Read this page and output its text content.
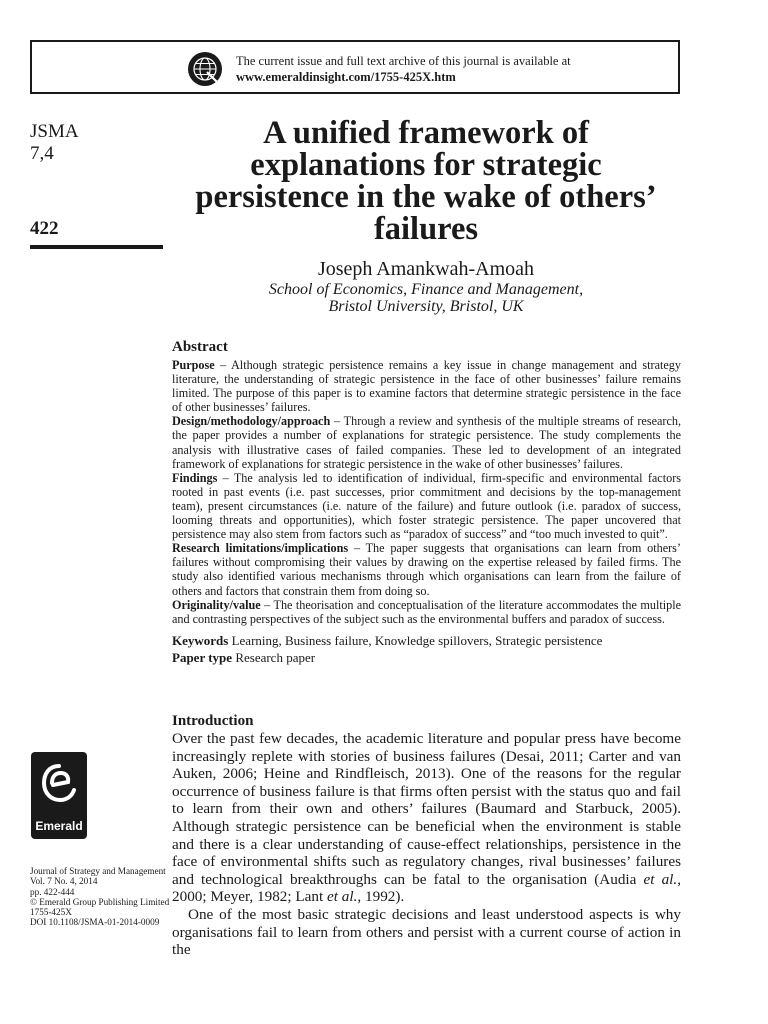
The current issue and full text archive of this journal is available at
www.emeraldinsight.com/1755-425X.htm
JSMA
7,4
422
A unified framework of explanations for strategic persistence in the wake of others’ failures
Joseph Amankwah-Amoah
School of Economics, Finance and Management,
Bristol University, Bristol, UK
Abstract

Purpose – Although strategic persistence remains a key issue in change management and strategy literature, the understanding of strategic persistence in the face of other businesses’ failure remains limited. The purpose of this paper is to examine factors that determine strategic persistence in the face of other businesses’ failures.

Design/methodology/approach – Through a review and synthesis of the multiple streams of research, the paper provides a number of explanations for strategic persistence. The study complements the analysis with illustrative cases of failed companies. These led to development of an integrated framework of explanations for strategic persistence in the wake of other businesses’ failures.

Findings – The analysis led to identification of individual, firm-specific and environmental factors rooted in past events (i.e. past successes, prior commitment and decisions by the top-management team), present circumstances (i.e. nature of the failure) and future outlook (i.e. paradox of success, looming threats and opportunities), which foster strategic persistence. The paper uncovered that persistence may also stem from factors such as “paradox of success” and “too much invested to quit”.

Research limitations/implications – The paper suggests that organisations can learn from others’ failures without compromising their values by drawing on the expertise released by failed firms. The study also identified various mechanisms through which organisations can learn from the failure of others and factors that constrain them from doing so.

Originality/value – The theorisation and conceptualisation of the literature accommodates the multiple and contrasting perspectives of the subject such as the environmental buffers and paradox of success.

Keywords Learning, Business failure, Knowledge spillovers, Strategic persistence

Paper type Research paper

Introduction

Over the past few decades, the academic literature and popular press have become increasingly replete with stories of business failures (Desai, 2011; Carter and van Auken, 2006; Heine and Rindfleisch, 2013). One of the reasons for the regular occurrence of business failure is that firms often persist with the status quo and fail to learn from their own and others’ failures (Baumard and Starbuck, 2005). Although strategic persistence can be beneficial when the environment is stable and there is a clear understanding of cause-effect relationships, persistence in the face of environmental shifts such as regulatory changes, rival businesses’ failures and technological breakthroughs can be fatal to the organisation (Audia et al., 2000; Meyer, 1982; Lant et al., 1992).

One of the most basic strategic decisions and least understood aspects is why organisations fail to learn from others and persist with a current course of action in the

Emerald
Journal of Strategy and Management
Vol. 7 No. 4, 2014
pp. 422-444
© Emerald Group Publishing Limited
1755-425X
DOI 10.1108/JSMA-01-2014-0009
